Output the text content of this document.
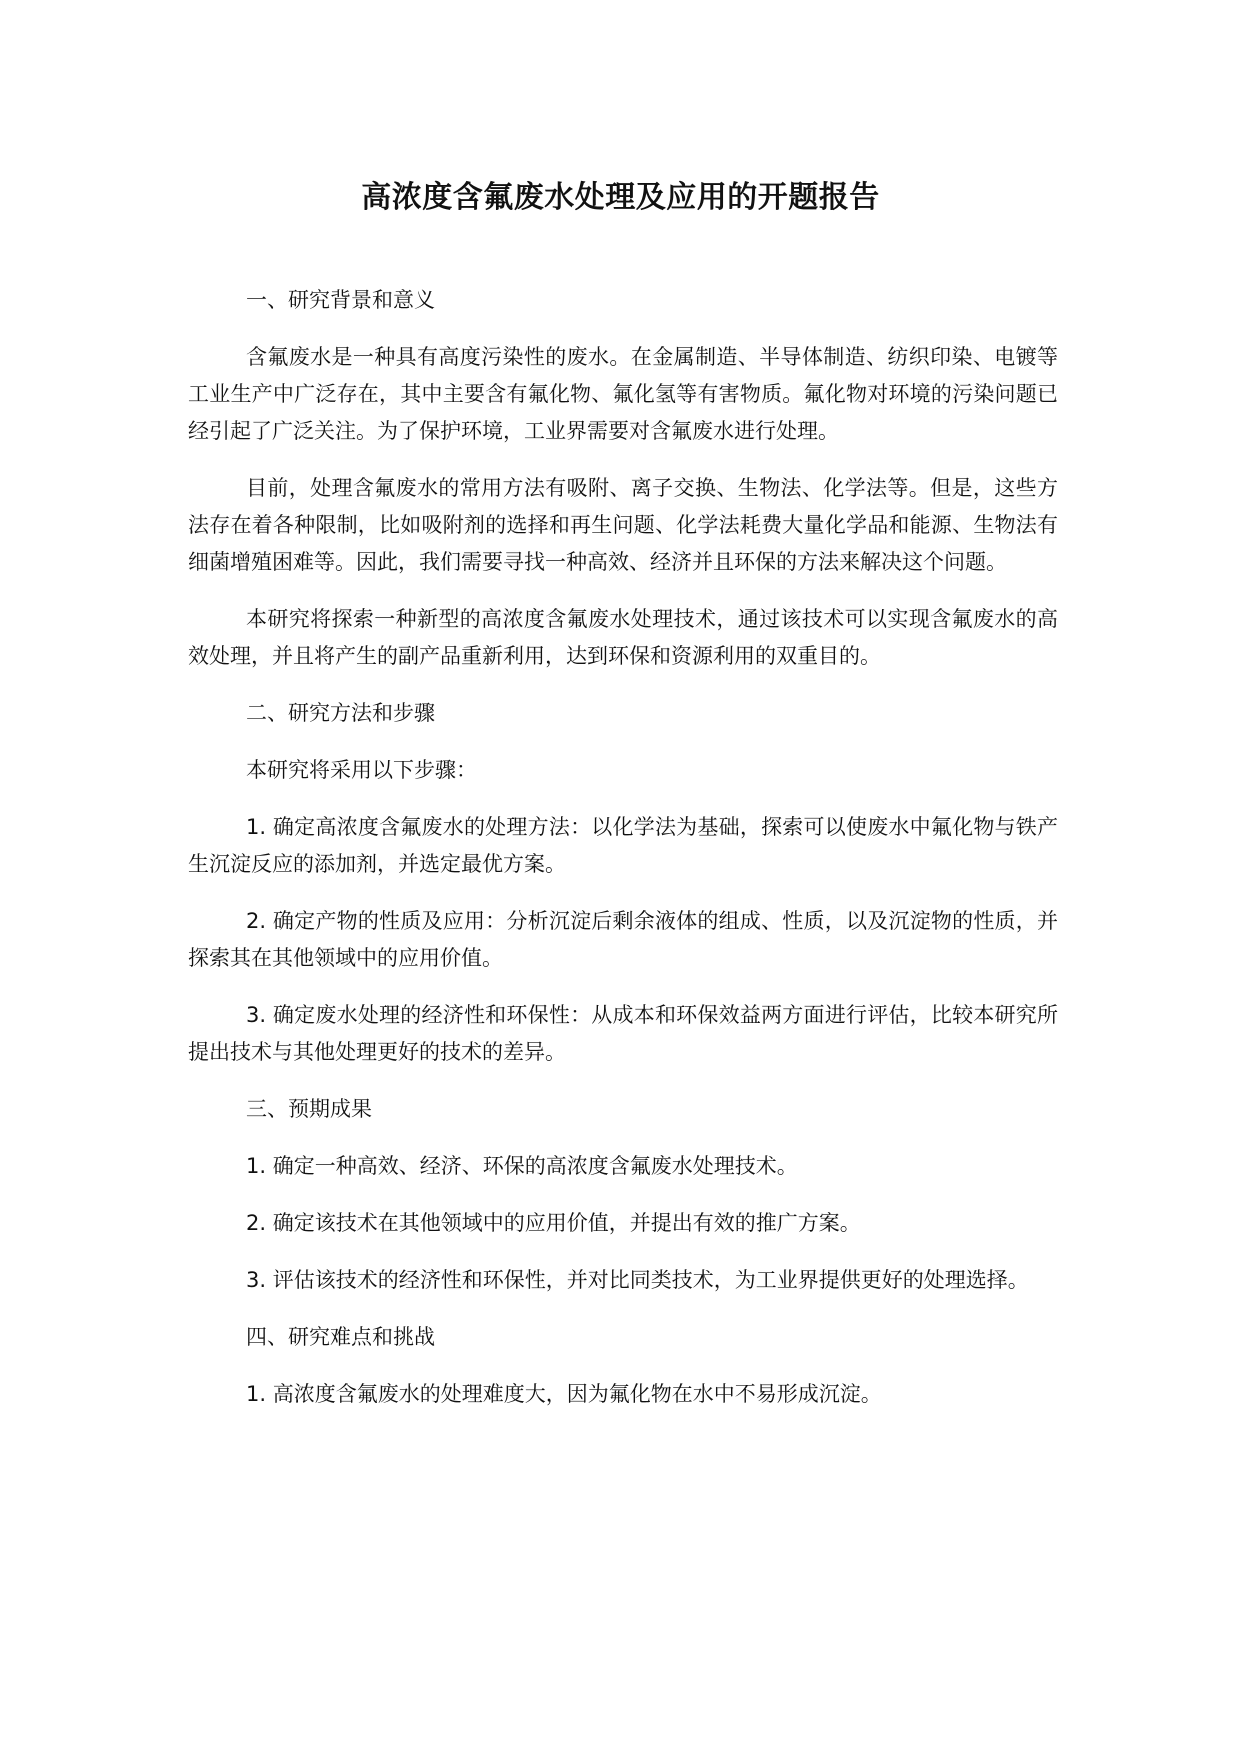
高浓度含氟废水处理及应用的开题报告

一、研究背景和意义

含氟废水是一种具有高度污染性的废水。在金属制造、半导体制造、纺织印染、电镀等工业生产中广泛存在，其中主要含有氟化物、氟化氢等有害物质。氟化物对环境的污染问题已经引起了广泛关注。为了保护环境，工业界需要对含氟废水进行处理。

目前，处理含氟废水的常用方法有吸附、离子交换、生物法、化学法等。但是，这些方法存在着各种限制，比如吸附剂的选择和再生问题、化学法耗费大量化学品和能源、生物法有细菌增殖困难等。因此，我们需要寻找一种高效、经济并且环保的方法来解决这个问题。

本研究将探索一种新型的高浓度含氟废水处理技术，通过该技术可以实现含氟废水的高效处理，并且将产生的副产品重新利用，达到环保和资源利用的双重目的。

二、研究方法和步骤

本研究将采用以下步骤：

1. 确定高浓度含氟废水的处理方法：以化学法为基础，探索可以使废水中氟化物与铁产生沉淀反应的添加剂，并选定最优方案。

2. 确定产物的性质及应用：分析沉淀后剩余液体的组成、性质，以及沉淀物的性质，并探索其在其他领域中的应用价值。

3. 确定废水处理的经济性和环保性：从成本和环保效益两方面进行评估，比较本研究所提出技术与其他处理更好的技术的差异。

三、预期成果

1. 确定一种高效、经济、环保的高浓度含氟废水处理技术。

2. 确定该技术在其他领域中的应用价值，并提出有效的推广方案。

3. 评估该技术的经济性和环保性，并对比同类技术，为工业界提供更好的处理选择。

四、研究难点和挑战

1. 高浓度含氟废水的处理难度大，因为氟化物在水中不易形成沉淀。
